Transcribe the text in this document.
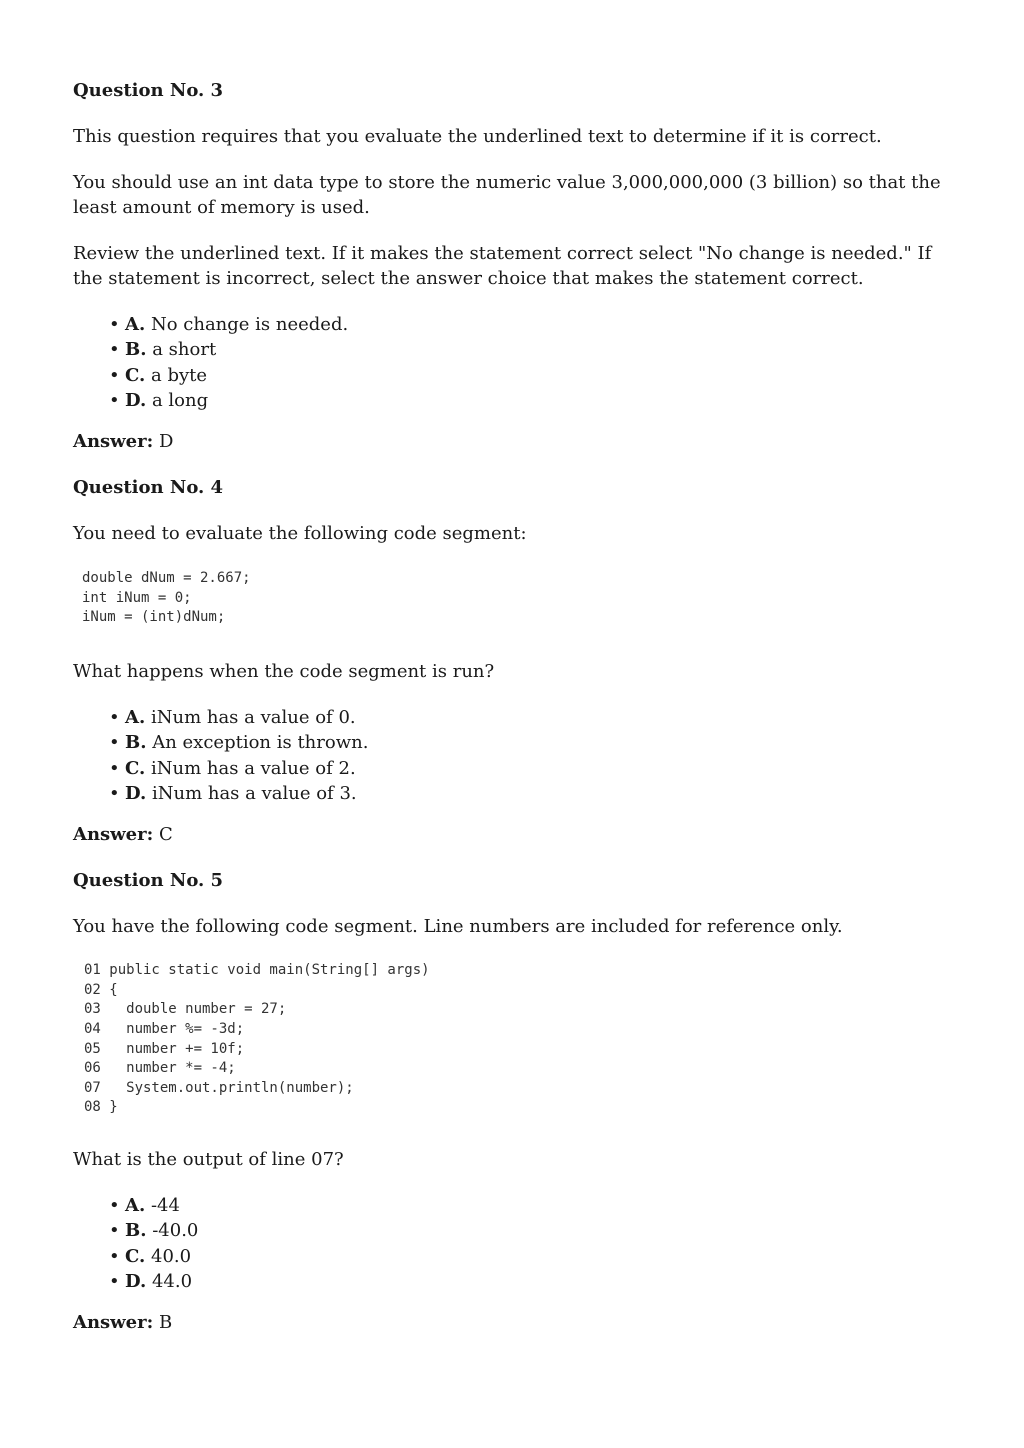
Question No. 3

This question requires that you evaluate the underlined text to determine if it is correct.

You should use an int data type to store the numeric value 3,000,000,000 (3 billion) so that the least amount of memory is used.

Review the underlined text. If it makes the statement correct select "No change is needed." If the statement is incorrect, select the answer choice that makes the statement correct.

• A. No change is needed.
• B. a short
• C. a byte
• D. a long

Answer: D

Question No. 4

You need to evaluate the following code segment:

double dNum = 2.667;
int iNum = 0;
iNum = (int)dNum;

What happens when the code segment is run?

• A. iNum has a value of 0.
• B. An exception is thrown.
• C. iNum has a value of 2.
• D. iNum has a value of 3.

Answer: C

Question No. 5

You have the following code segment. Line numbers are included for reference only.

01 public static void main(String[] args)
02 {
03   double number = 27;
04   number %= -3d;
05   number += 10f;
06   number *= -4;
07   System.out.println(number);
08 }

What is the output of line 07?

• A. -44
• B. -40.0
• C. 40.0
• D. 44.0

Answer: B
